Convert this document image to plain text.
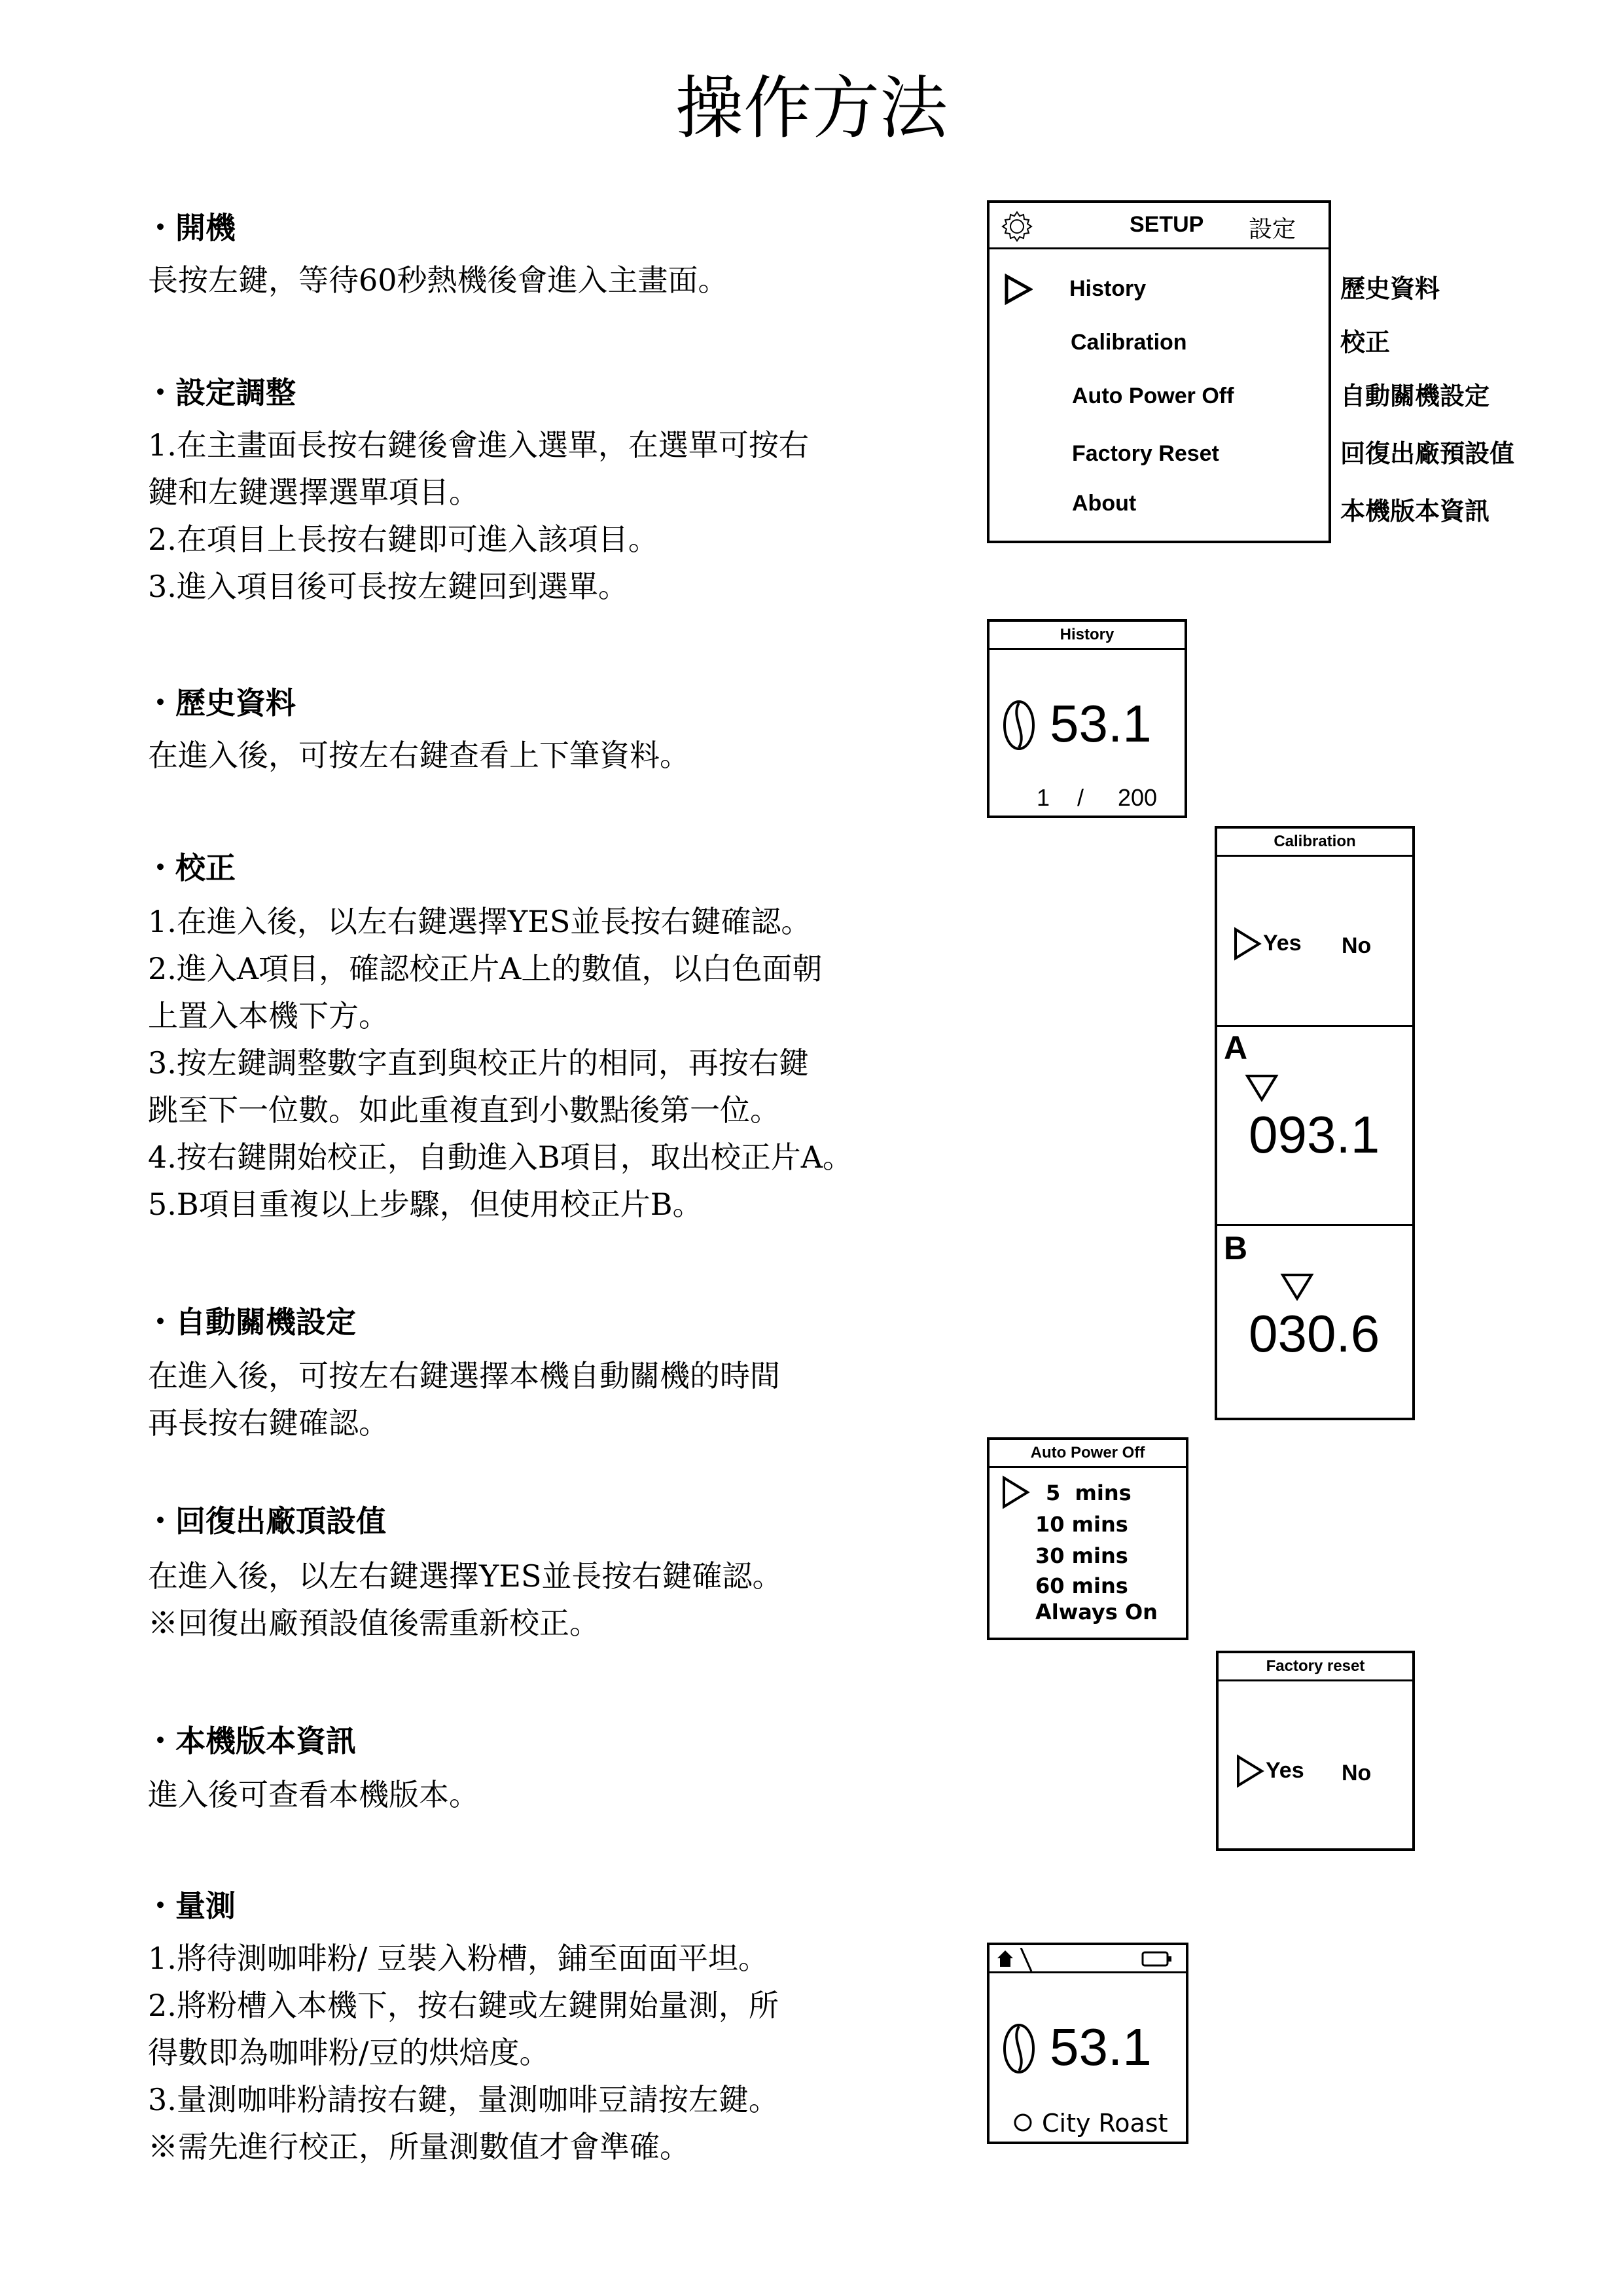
操作方法
・開機
長按左鍵，等待60秒熱機後會進入主畫面。
・設定調整
1.在主畫面長按右鍵後會進入選單，在選單可按右
鍵和左鍵選擇選單項目。
2.在項目上長按右鍵即可進入該項目。
3.進入項目後可長按左鍵回到選單。
・歷史資料
在進入後，可按左右鍵查看上下筆資料。
・校正
1.在進入後，以左右鍵選擇YES並長按右鍵確認。
2.進入A項目，確認校正片A上的數值，以白色面朝
上置入本機下方。
3.按左鍵調整數字直到與校正片的相同，再按右鍵
跳至下一位數。如此重複直到小數點後第一位。
4.按右鍵開始校正，自動進入B項目，取出校正片A。
5.B項目重複以上步驟，但使用校正片B。
・自動關機設定
在進入後，可按左右鍵選擇本機自動關機的時間
再長按右鍵確認。
・回復出廠頂設值
在進入後，以左右鍵選擇YES並長按右鍵確認。
※回復出廠預設值後需重新校正。
・本機版本資訊
進入後可查看本機版本。
・量測
1.將待測咖啡粉/ 豆裝入粉槽，鋪至面面平坦。
2.將粉槽入本機下，按右鍵或左鍵開始量測，所
得數即為咖啡粉/豆的烘焙度。
3.量測咖啡粉請按右鍵，量測咖啡豆請按左鍵。
※需先進行校正，所量測數值才會準確。
SETUP 設定
History
Calibration
Auto Power Off
Factory Reset
About
歷史資料
校正
自動關機設定
回復出廠預設值
本機版本資訊
History
53.1
1 / 200
Calibration
Yes No
A
093.1
B
030.6
Auto Power Off
5  mins
10 mins
30 mins
60 mins
Always On
Factory reset
Yes No
53.1
City Roast
